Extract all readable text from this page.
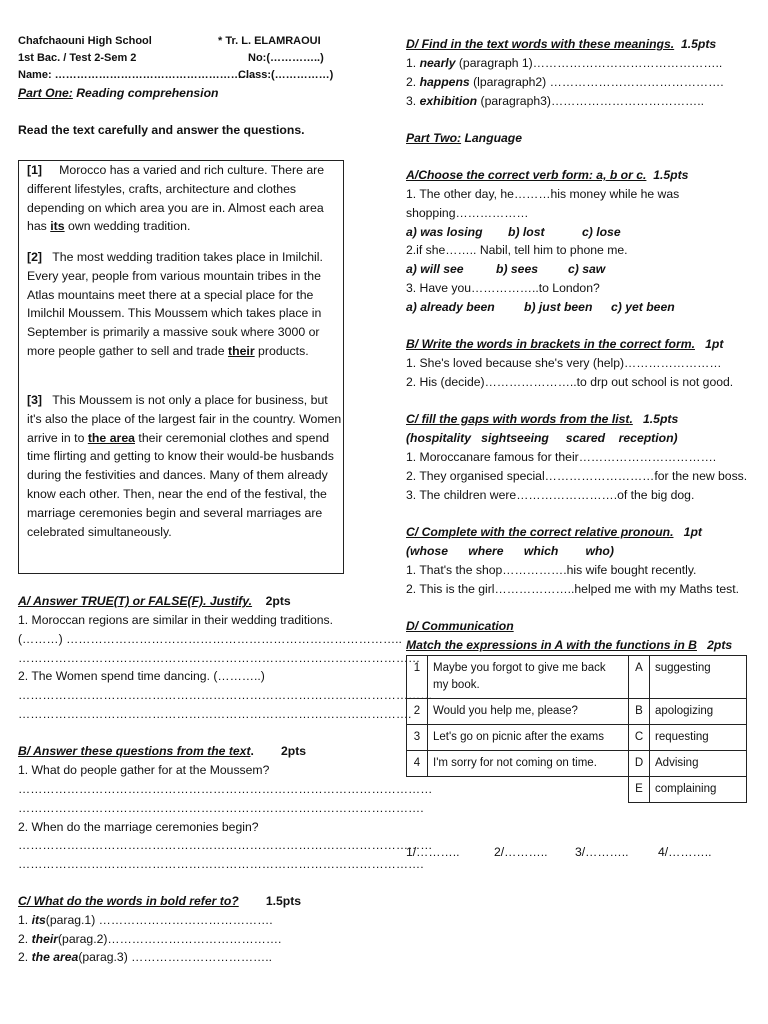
Chafchaouni High School	* Tr. L. ELAMRAOUI
1st Bac. / Test 2-Sem 2	No:(…………..)
Name: ……………………………………………….
Class:(……………)
Part One: Reading comprehension
Read the text carefully and answer the questions.
[1] Morocco has a varied and rich culture. There are different lifestyles, crafts, architecture and clothes depending on which area you are in. Almost each area has its own wedding tradition.
[2] The most wedding tradition takes place in Imilchil. Every year, people from various mountain tribes in the Atlas mountains meet there at a special place for the Imilchil Moussem. This Moussem which takes place in September is primarily a massive souk where 3000 or more people gather to sell and trade their products.
[3] This Moussem is not only a place for business, but it's also the place of the largest fair in the country. Women arrive in to the area their ceremonial clothes and spend time flirting and getting to know their would-be husbands during the festivities and dances. Many of them already know each other. Then, near the end of the festival, the marriage ceremonies begin and several marriages are celebrated simultaneously.
A/ Answer TRUE(T) or FALSE(F). Justify. 2pts
1. Moroccan regions are similar in their wedding traditions.
(………) ………………………………………………………………………..
………………………………………………………………………………………
2. The Women spend time dancing. (………..)
…………………………………………………………………………………………
…………………………………………………………………………………….
B/ Answer these questions from the text. 2pts
1. What do people gather for at the Moussem?
…………………………………………………………………………………………
……………………………………………………………………………………….
2. When do the marriage ceremonies begin?
…………………………………………………………………………………………
……………………………………………………………………………………….
C/ What do the words in bold refer to? 1.5pts
1. its(parag.1) …………………………………….
2. their(parag.2)…………………………………….
2. the area(parag.3) ……………………………..
D/ Find in the text words with these meanings. 1.5pts
1. nearly (paragraph 1)………………………………………..
2. happens (lparagraph2) …………………………………….
3. exhibition (paragraph3)………………………………..
Part Two: Language
A/Choose the correct verb form: a, b or c. 1.5pts
1. The other day, he………his money while he was
shopping………………
a) was losing b) lost	c) lose
2.if she…….. Nabil, tell him to phone me.
a) will see	b) sees c) saw
3. Have you……………..to London?
a) already been b) just been c) yet been
B/ Write the words in brackets in the correct form. 1pt
1. She's loved because she's very (help)……………………
2. His (decide)…………………..to drp out school is not good.
C/ fill the gaps with words from the list. 1.5pts
(hospitality   sightseeing     scared    reception)
1. Moroccanare famous for their…………………………….
2. They organised special………………………for the new boss.
3. The children were…………………….of the big dog.
C/ Complete with the correct relative pronoun. 1pt
(whose      where      which        who)
1. That's the shop…………….his wife bought recently.
2. This is the girl………………..helped me with my Maths test.
D/ Communication
Match the expressions in A with the functions in B 2pts
1	Maybe you forgot to give me back my book.	A	suggesting
2	Would you help me, please?	B	apologizing
3	Let's go on picnic after the exams	C	requesting
4	I'm sorry for not coming on time.	D	Advising
		E	complaining
1/………..	2/……….. 3/……….. 4/………..
